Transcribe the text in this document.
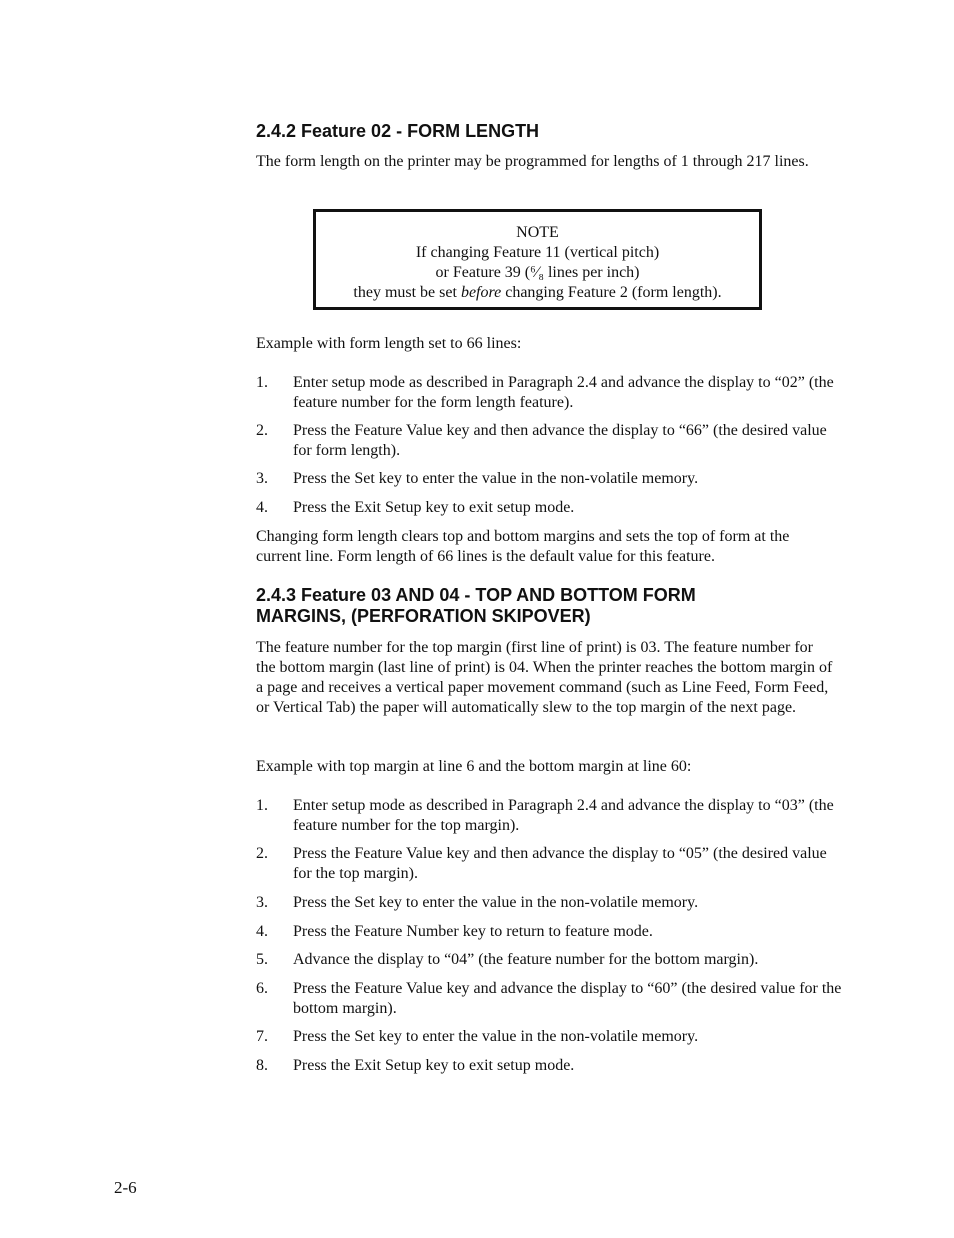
2.4.2 Feature 02 - FORM LENGTH

The form length on the printer may be programmed for lengths of 1 through 217 lines.

NOTE
If changing Feature 11 (vertical pitch)
or Feature 39 (⁶⁄₈ lines per inch)
they must be set before changing Feature 2 (form length).

Example with form length set to 66 lines:

1. Enter setup mode as described in Paragraph 2.4 and advance the display to “02” (the feature number for the form length feature).
2. Press the Feature Value key and then advance the display to “66” (the desired value for form length).
3. Press the Set key to enter the value in the non-volatile memory.
4. Press the Exit Setup key to exit setup mode.

Changing form length clears top and bottom margins and sets the top of form at the current line. Form length of 66 lines is the default value for this feature.

2.4.3 Feature 03 AND 04 - TOP AND BOTTOM FORM
MARGINS, (PERFORATION SKIPOVER)

The feature number for the top margin (first line of print) is 03. The feature number for the bottom margin (last line of print) is 04. When the printer reaches the bottom margin of a page and receives a vertical paper movement command (such as Line Feed, Form Feed, or Vertical Tab) the paper will automatically slew to the top margin of the next page.

Example with top margin at line 6 and the bottom margin at line 60:

1. Enter setup mode as described in Paragraph 2.4 and advance the display to “03” (the feature number for the top margin).
2. Press the Feature Value key and then advance the display to “05” (the desired value for the top margin).
3. Press the Set key to enter the value in the non-volatile memory.
4. Press the Feature Number key to return to feature mode.
5. Advance the display to “04” (the feature number for the bottom margin).
6. Press the Feature Value key and advance the display to “60” (the desired value for the bottom margin).
7. Press the Set key to enter the value in the non-volatile memory.
8. Press the Exit Setup key to exit setup mode.
2-6
